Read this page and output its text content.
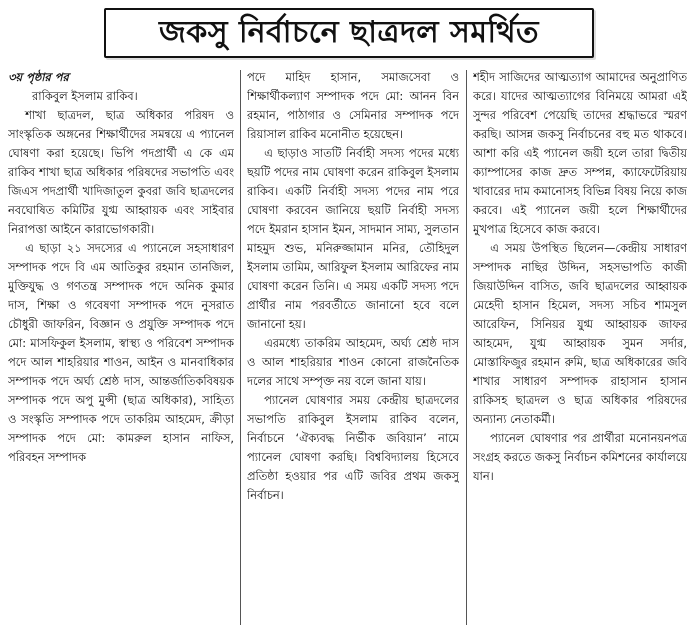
জকসু নির্বাচনে ছাত্রদল সমর্থিত

৩য় পৃষ্ঠার পর
রাকিবুল ইসলাম রাকিব।

শাখা ছাত্রদল, ছাত্র অধিকার পরিষদ ও সাংস্কৃতিক অঙ্গনের শিক্ষার্থীদের সমন্বয়ে এ প্যানেল ঘোষণা করা হয়েছে। ভিপি পদপ্রার্থী এ কে এম রাকিব শাখা ছাত্র অধিকার পরিষদের সভাপতি এবং জিএস পদপ্রার্থী খাদিজাতুল কুবরা জবি ছাত্রদলের নবঘোষিত কমিটির যুগ্ম আহ্বায়ক এবং সাইবার নিরাপত্তা আইনে কারাভোগকারী।

এ ছাড়া ২১ সদস্যের এ প্যানেলে সহসাধারণ সম্পাদক পদে বি এম আতিকুর রহমান তানজিল, মুক্তিযুদ্ধ ও গণতন্ত্র সম্পাদক পদে অনিক কুমার দাস, শিক্ষা ও গবেষণা সম্পাদক পদে নুসরাত চৌধুরী জাফরিন, বিজ্ঞান ও প্রযুক্তি সম্পাদক পদে মো: মাসফিকুল ইসলাম, স্বাস্থ্য ও পরিবেশ সম্পাদক পদে আল শাহরিয়ার শাওন, আইন ও মানবাধিকার সম্পাদক পদে অর্ঘ্য শ্রেষ্ঠ দাস, আন্তর্জাতিকবিষয়ক সম্পাদক পদে অপু মুন্সী (ছাত্র অধিকার), সাহিত্য ও সংস্কৃতি সম্পাদক পদে তাকরিম আহমেদ, ক্রীড়া সম্পাদক পদে মো: কামরুল হাসান নাফিস, পরিবহন সম্পাদক

পদে মাহিদ হাসান, সমাজসেবা ও শিক্ষার্থীকল্যাণ সম্পাদক পদে মো: আনন বিন রহমান, পাঠাগার ও সেমিনার সম্পাদক পদে রিয়াসাল রাকিব মনোনীত হয়েছেন।

এ ছাড়াও সাতটি নির্বাহী সদস্য পদের মধ্যে ছয়টি পদের নাম ঘোষণা করেন রাকিবুল ইসলাম রাকিব। একটি নির্বাহী সদস্য পদের নাম পরে ঘোষণা করবেন জানিয়ে ছয়টি নির্বাহী সদস্য পদে ইমরান হাসান ইমন, সাদমান সাম্য, সুলতান মাহমুদ শুভ, মনিরুজ্জামান মনির, তৌহিদুল ইসলাম তামিম, আরিফুল ইসলাম আরিফের নাম ঘোষণা করেন তিনি। এ সময় একটি সদস্য পদে প্রার্থীর নাম পরবর্তীতে জানানো হবে বলে জানানো হয়।

এরমধ্যে তাকরিম আহমেদ, অর্ঘ্য শ্রেষ্ঠ দাস ও আল শাহরিয়ার শাওন কোনো রাজনৈতিক দলের সাথে সম্পৃক্ত নয় বলে জানা যায়।

প্যানেল ঘোষণার সময় কেন্দ্রীয় ছাত্রদলের সভাপতি রাকিবুল ইসলাম রাকিব বলেন, নির্বাচনে ‘ঐক্যবদ্ধ নির্ভীক জবিয়ান’ নামে প্যানেল ঘোষণা করছি। বিশ্ববিদ্যালয় হিসেবে প্রতিষ্ঠা হওয়ার পর এটি জবির প্রথম জকসু নির্বাচন।

শহীদ সাজিদের আত্মত্যাগ আমাদের অনুপ্রাণিত করে। যাদের আত্মত্যাগের বিনিময়ে আমরা এই সুন্দর পরিবেশ পেয়েছি তাদের শ্রদ্ধাভরে স্মরণ করছি। আসন্ন জকসু নির্বাচনের বহু মত থাকবে। আশা করি এই প্যানেল জয়ী হলে তারা দ্বিতীয় ক্যাম্পাসের কাজ দ্রুত সম্পন্ন, ক্যাফেটেরিয়ায় খাবারের দাম কমানোসহ বিভিন্ন বিষয় নিয়ে কাজ করবে। এই প্যানেল জয়ী হলে শিক্ষার্থীদের মুখপাত্র হিসেবে কাজ করবে।

এ সময় উপস্থিত ছিলেন—কেন্দ্রীয় সাধারণ সম্পাদক নাছির উদ্দিন, সহসভাপতি কাজী জিয়াউদ্দিন বাসিত, জবি ছাত্রদলের আহ্বায়ক মেহেদী হাসান হিমেল, সদস্য সচিব শামসুল আরেফিন, সিনিয়র যুগ্ম আহ্বায়ক জাফর আহমেদ, যুগ্ম আহ্বায়ক সুমন সর্দার, মোস্তাফিজুর রহমান রুমি, ছাত্র অধিকারের জবি শাখার সাধারণ সম্পাদক রাহাসান হাসান রাকিসহ ছাত্রদল ও ছাত্র অধিকার পরিষদের অন্যান্য নেতাকর্মী।

প্যানেল ঘোষণার পর প্রার্থীরা মনোনয়নপত্র সংগ্রহ করতে জকসু নির্বাচন কমিশনের কার্যালয়ে যান।
